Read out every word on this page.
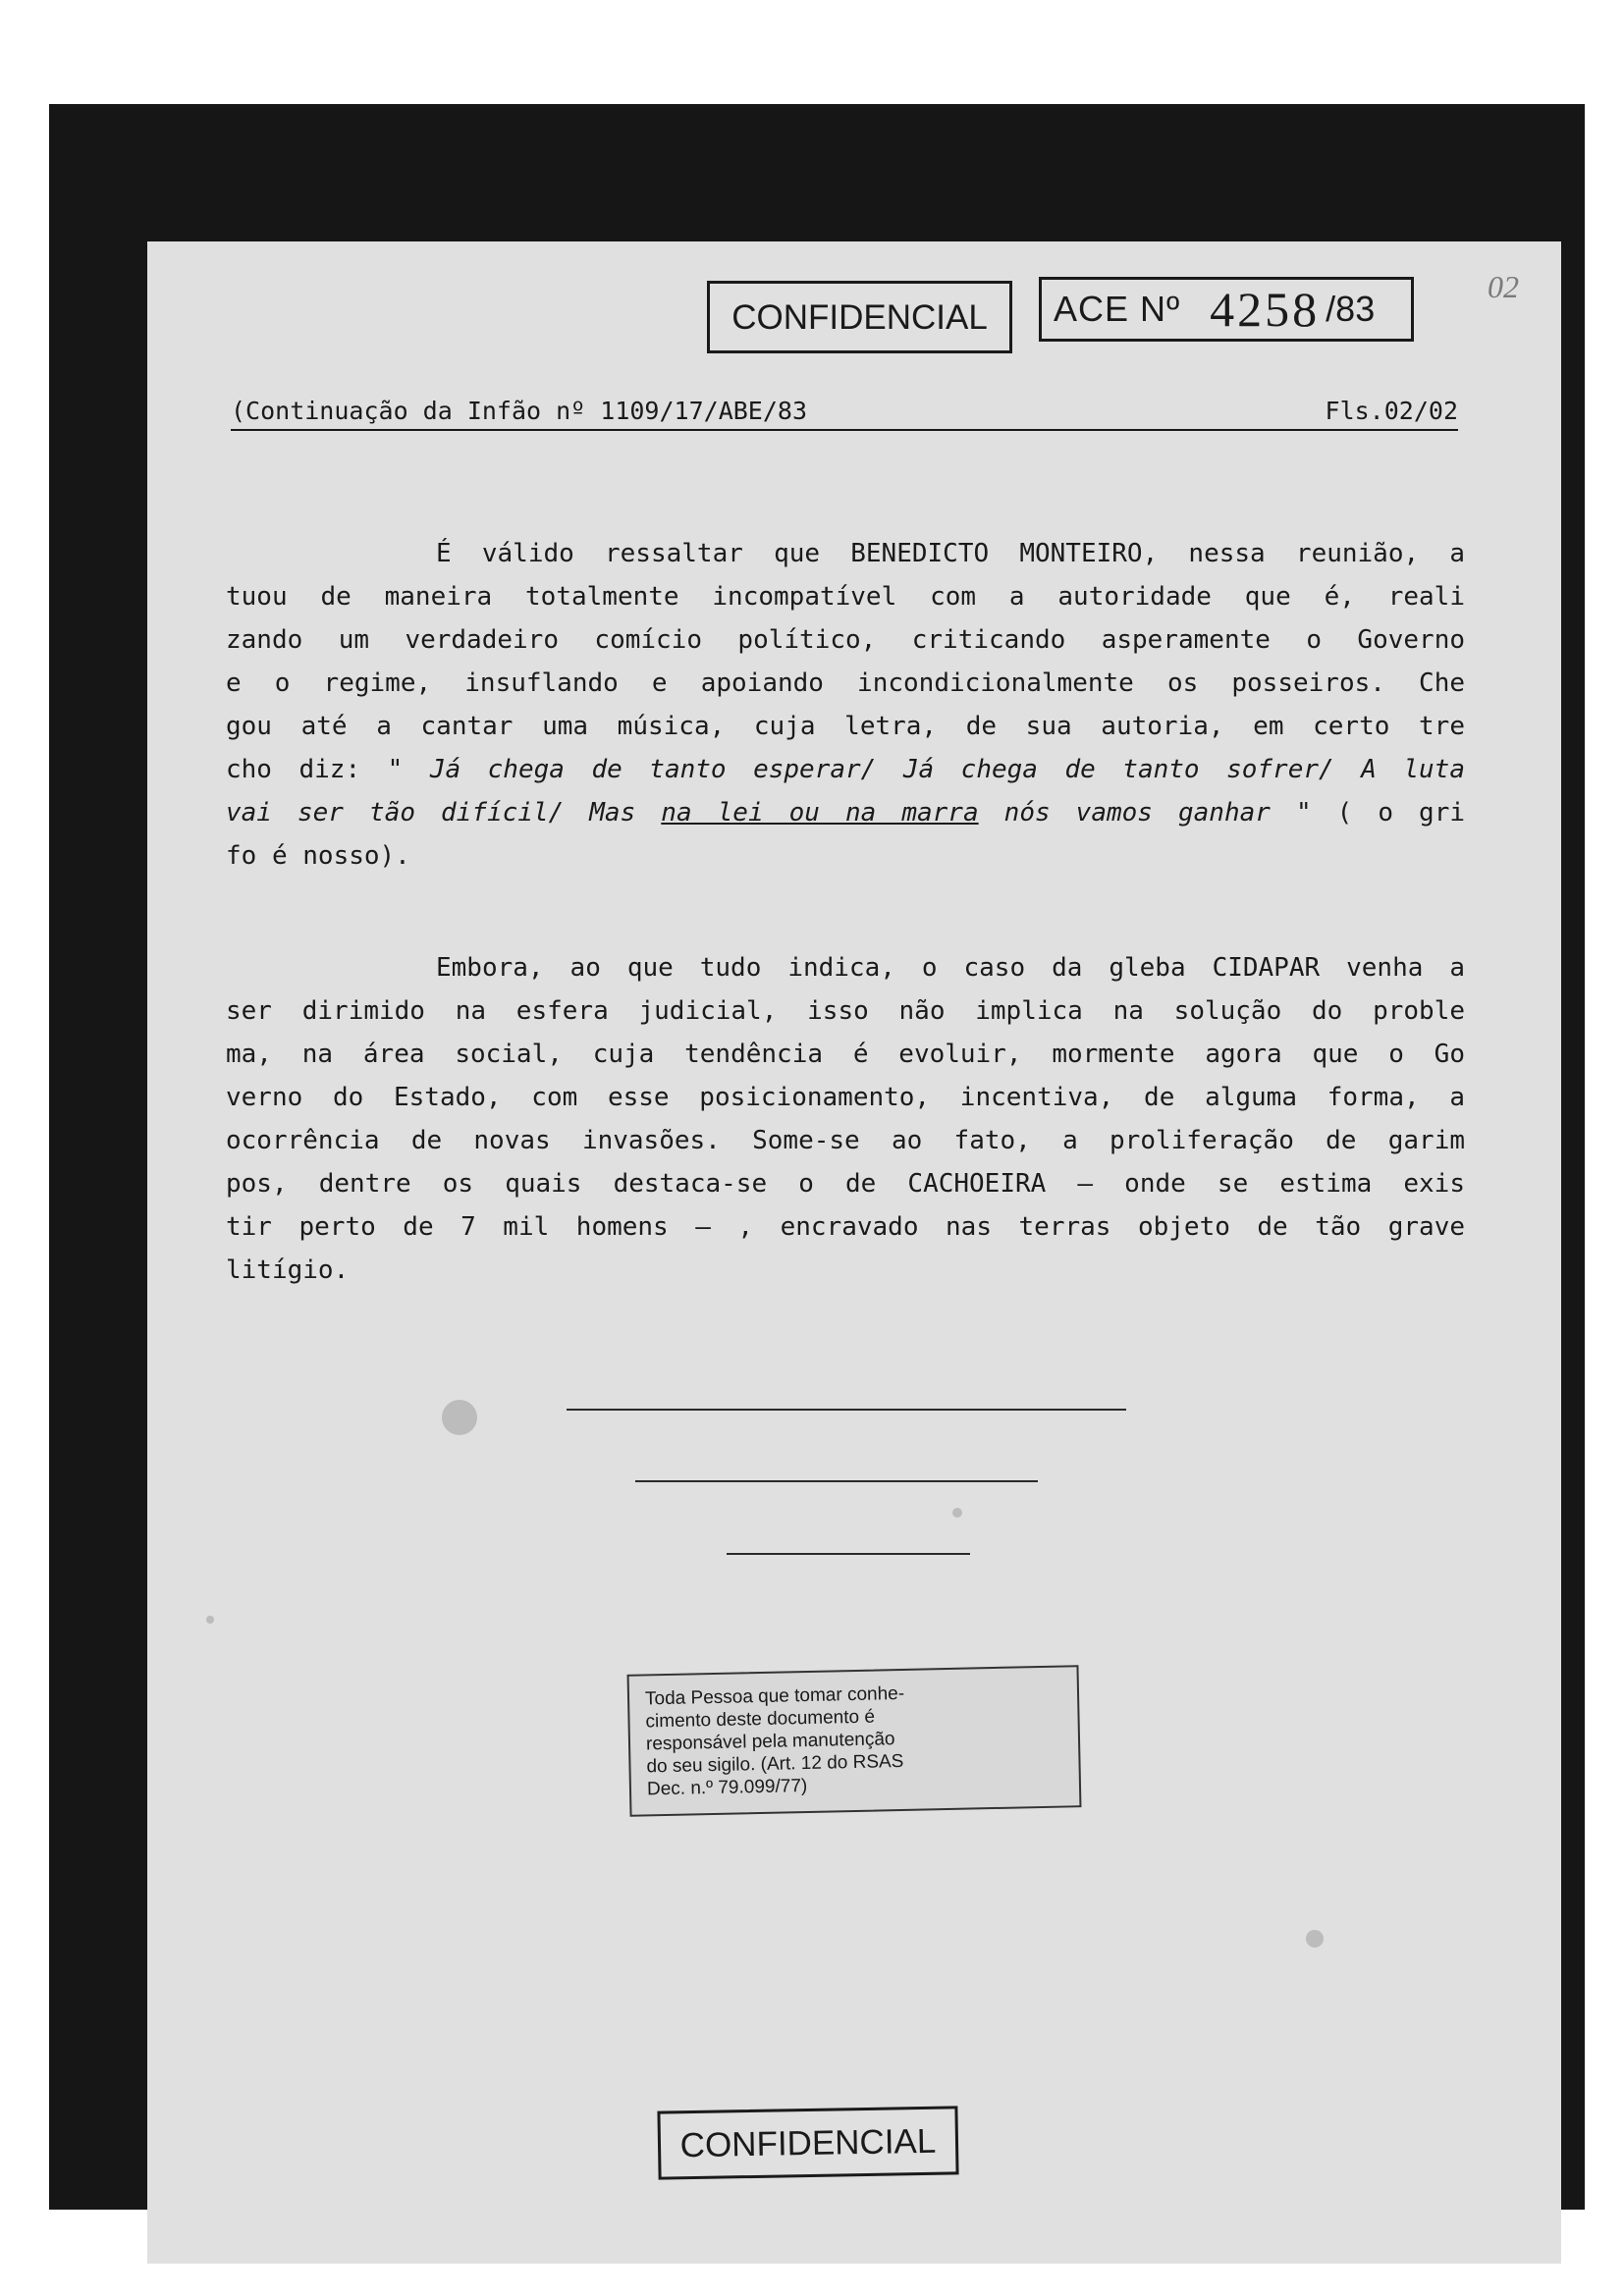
CONFIDENCIAL ACE Nº 4258 /83
02
(Continuação da Infão nº 1109/17/ABE/83	Fls.02/02
É válido ressaltar que BENEDICTO MONTEIRO, nessa reunião, a
tuou de maneira totalmente incompatível com a autoridade que é, reali
zando um verdadeiro comício político, criticando asperamente o Governo
e o regime, insuflando e apoiando incondicionalmente os posseiros. Che
gou até a cantar uma música, cuja letra, de sua autoria, em certo tre
cho diz: " Já chega de tanto esperar/ Já chega de tanto sofrer/ A luta
vai ser tão difícil/ Mas na lei ou na marra nós vamos ganhar " ( o gri
fo é nosso).
Embora, ao que tudo indica, o caso da gleba CIDAPAR venha a
ser dirimido na esfera judicial, isso não implica na solução do proble
ma, na área social, cuja tendência é evoluir, mormente agora que o Go
verno do Estado, com esse posicionamento, incentiva, de alguma forma, a
ocorrência de novas invasões. Some-se ao fato, a proliferação de garim
pos, dentre os quais destaca-se o de CACHOEIRA — onde se estima exis
tir perto de 7 mil homens — , encravado nas terras objeto de tão grave
litígio.
Toda Pessoa que tomar conhe-
cimento deste documento é
responsável pela manutenção
do seu sigilo. (Art. 12 do RSAS
Dec. n.º 79.099/77)
CONFIDENCIAL
